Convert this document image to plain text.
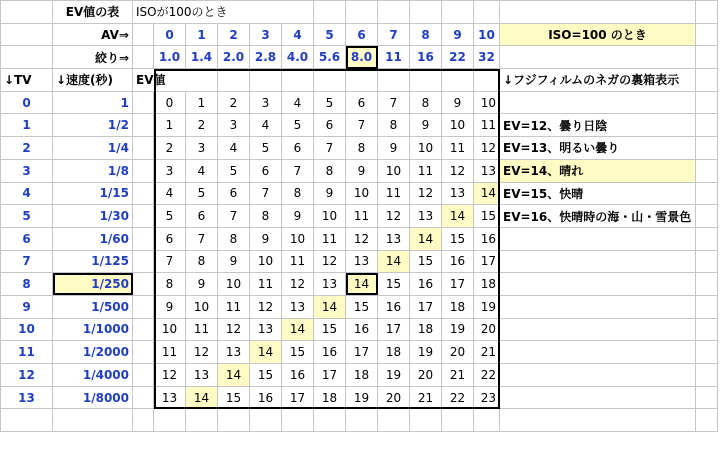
	EV値の表	ISOが100のとき													
	AV⇒		0	1	2	3	4	5	6	7	8	9	10	ISO=100 のとき	
	絞り⇒		1.0	1.4	2.0	2.8	4.0	5.6	8.0	11	16	22	32		
↓TV	↓速度(秒)	EV値												↓フジフィルムのネガの裏箱表示	
0	1		0	1	2	3	4	5	6	7	8	9	10		
1	1/2		1	2	3	4	5	6	7	8	9	10	11	EV=12、曇り日陰	
2	1/4		2	3	4	5	6	7	8	9	10	11	12	EV=13、明るい曇り	
3	1/8		3	4	5	6	7	8	9	10	11	12	13	EV=14、晴れ	
4	1/15		4	5	6	7	8	9	10	11	12	13	14	EV=15、快晴	
5	1/30		5	6	7	8	9	10	11	12	13	14	15	EV=16、快晴時の海・山・雪景色	
6	1/60		6	7	8	9	10	11	12	13	14	15	16		
7	1/125		7	8	9	10	11	12	13	14	15	16	17		
8	1/250		8	9	10	11	12	13	14	15	16	17	18		
9	1/500		9	10	11	12	13	14	15	16	17	18	19		
10	1/1000		10	11	12	13	14	15	16	17	18	19	20		
11	1/2000		11	12	13	14	15	16	17	18	19	20	21		
12	1/4000		12	13	14	15	16	17	18	19	20	21	22		
13	1/8000		13	14	15	16	17	18	19	20	21	22	23		
